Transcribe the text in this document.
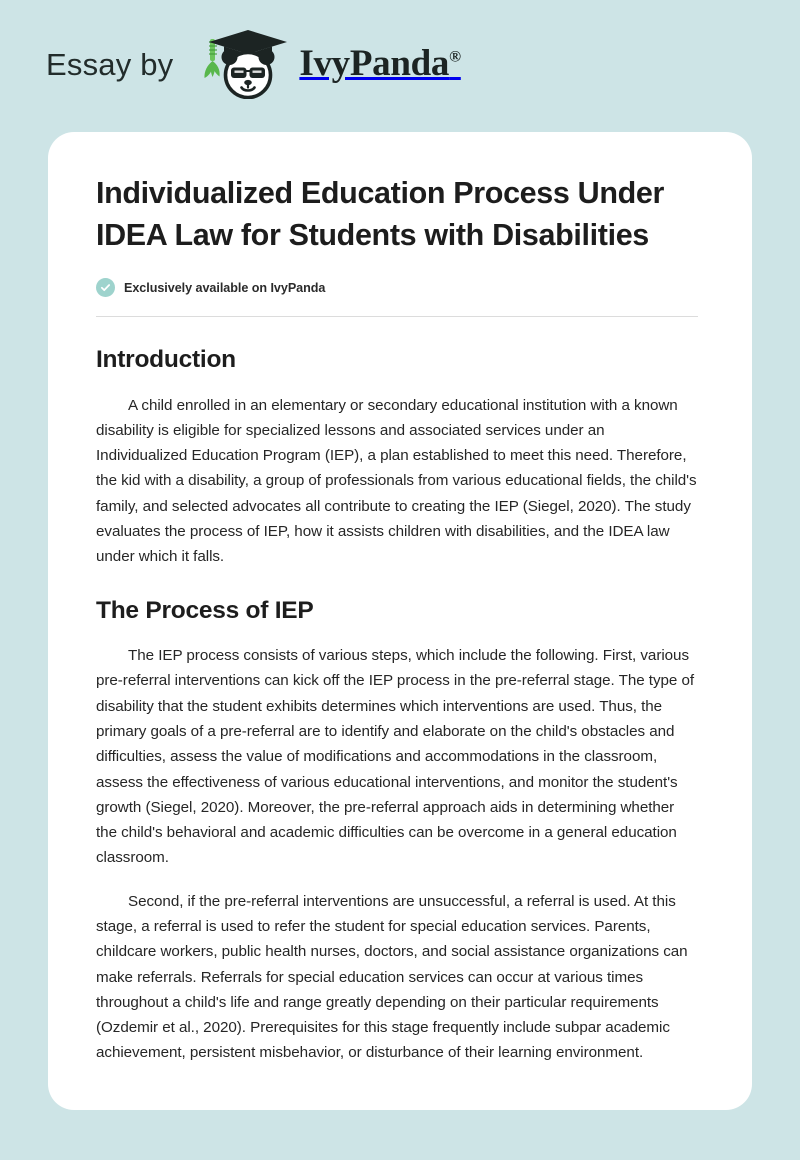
Essay by	IvyPanda®
Individualized Education Process Under IDEA Law for Students with Disabilities
Exclusively available on IvyPanda
Introduction

A child enrolled in an elementary or secondary educational institution with a known disability is eligible for specialized lessons and associated services under an Individualized Education Program (IEP), a plan established to meet this need. Therefore, the kid with a disability, a group of professionals from various educational fields, the child's family, and selected advocates all contribute to creating the IEP (Siegel, 2020). The study evaluates the process of IEP, how it assists children with disabilities, and the IDEA law under which it falls.

The Process of IEP

The IEP process consists of various steps, which include the following. First, various pre-referral interventions can kick off the IEP process in the pre-referral stage. The type of disability that the student exhibits determines which interventions are used. Thus, the primary goals of a pre-referral are to identify and elaborate on the child's obstacles and difficulties, assess the value of modifications and accommodations in the classroom, assess the effectiveness of various educational interventions, and monitor the student's growth (Siegel, 2020). Moreover, the pre-referral approach aids in determining whether the child's behavioral and academic difficulties can be overcome in a general education classroom.

Second, if the pre-referral interventions are unsuccessful, a referral is used. At this stage, a referral is used to refer the student for special education services. Parents, childcare workers, public health nurses, doctors, and social assistance organizations can make referrals. Referrals for special education services can occur at various times throughout a child's life and range greatly depending on their particular requirements (Ozdemir et al., 2020). Prerequisites for this stage frequently include subpar academic achievement, persistent misbehavior, or disturbance of their learning environment.
